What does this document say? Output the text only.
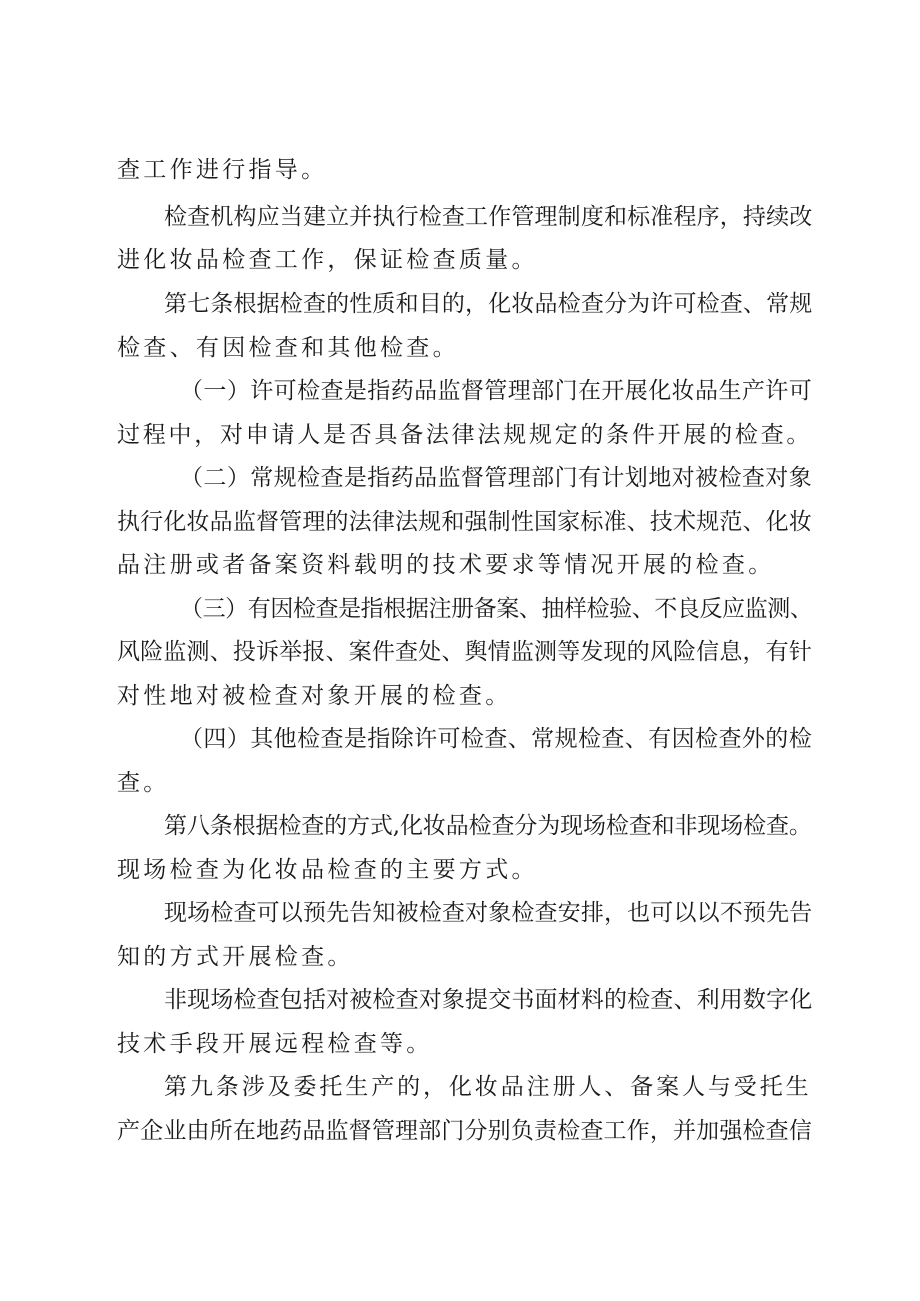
查工作进行指导。
检查机构应当建立并执行检查工作管理制度和标准程序，持续改
进化妆品检查工作，保证检查质量。
第七条根据检查的性质和目的，化妆品检查分为许可检查、常规
检查、有因检查和其他检查。
（一）许可检查是指药品监督管理部门在开展化妆品生产许可
过程中，对申请人是否具备法律法规规定的条件开展的检查。
（二）常规检查是指药品监督管理部门有计划地对被检查对象
执行化妆品监督管理的法律法规和强制性国家标准、技术规范、化妆
品注册或者备案资料载明的技术要求等情况开展的检查。
（三）有因检查是指根据注册备案、抽样检验、不良反应监测、
风险监测、投诉举报、案件查处、舆情监测等发现的风险信息，有针
对性地对被检查对象开展的检查。
（四）其他检查是指除许可检查、常规检查、有因检查外的检
查。
第八条根据检查的方式,化妆品检查分为现场检查和非现场检查。
现场检查为化妆品检查的主要方式。
现场检查可以预先告知被检查对象检查安排，也可以以不预先告
知的方式开展检查。
非现场检查包括对被检查对象提交书面材料的检查、利用数字化
技术手段开展远程检查等。
第九条涉及委托生产的，化妆品注册人、备案人与受托生
产企业由所在地药品监督管理部门分别负责检查工作，并加强检查信
